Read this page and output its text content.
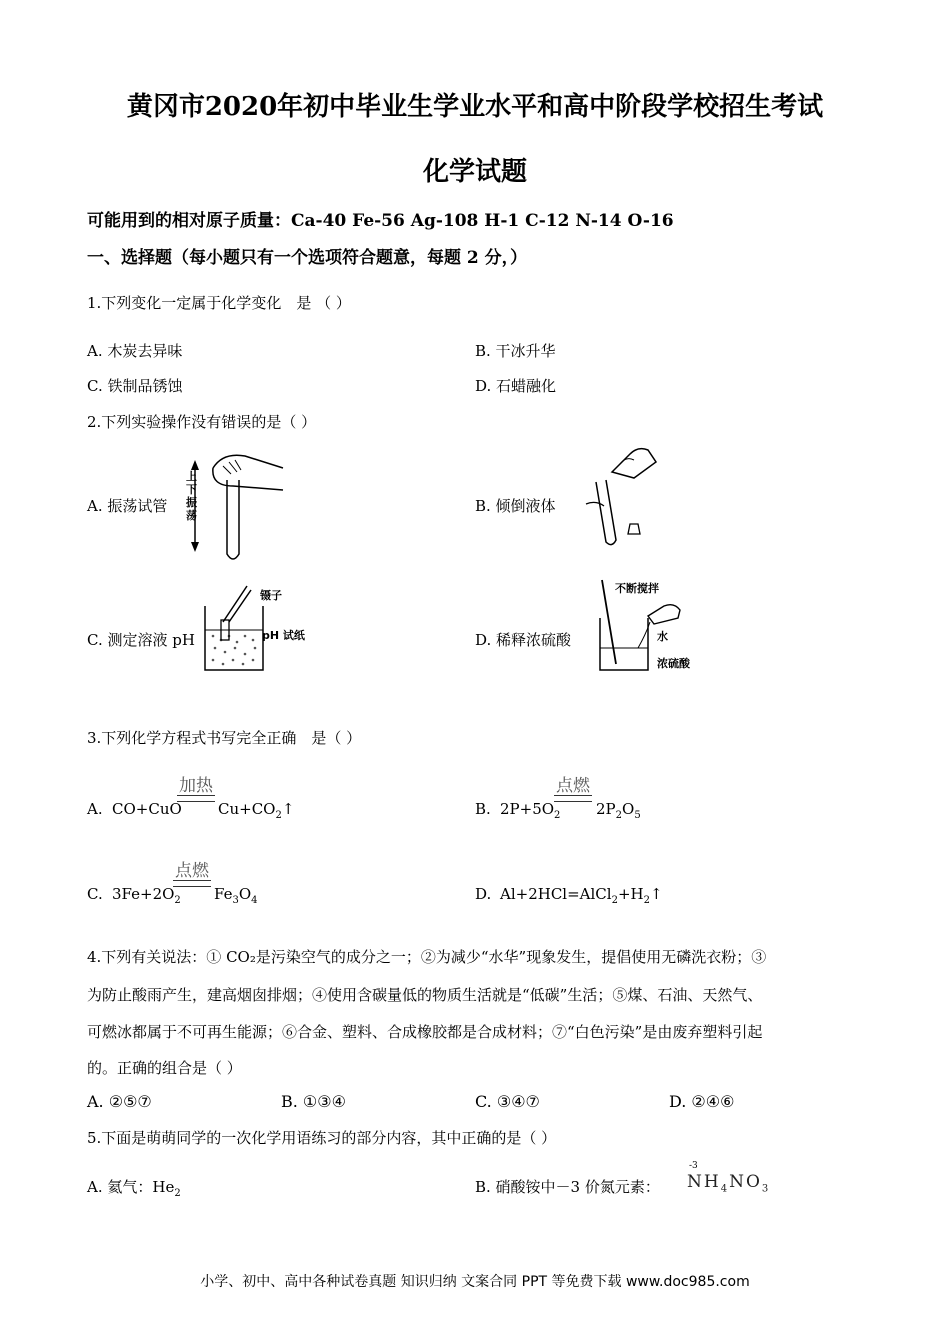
黄冈市2020年初中毕业生学业水平和高中阶段学校招生考试
化学试题
可能用到的相对原子质量：Ca-40 Fe-56 Ag-108 H-1 C-12 N-14 O-16
一、选择题（每小题只有一个选项符合题意，每题 2 分，）
1.下列变化一定属于化学变化　是 （ ）
A. 木炭去异味	B. 干冰升华
C. 铁制品锈蚀	D. 石蜡融化
2.下列实验操作没有错误的是（ ）
A. 振荡试管
上下振荡
B. 倾倒液体
C. 测定溶液 pH
镊子
pH 试纸	D. 稀释浓硫酸
不断搅拌
水
浓硫酸
3.下列化学方程式书写完全正确　是（ ）
A. CO+CuO
加热
$Cu+CO_2↑$	B. $2P+5O_2$
点燃
$2P_2O_5$
C. $3Fe+2O_2$
点燃
$Fe_3O_4$	D. $Al+2HCl=AlCl_2+H_2↑$
4.下列有关说法：① CO₂是污染空气的成分之一；②为减少“水华”现象发生，提倡使用无磷洗衣粉；③
为防止酸雨产生，建高烟囱排烟；④使用含碳量低的物质生活就是“低碳”生活；⑤煤、石油、天然气、
可燃冰都属于不可再生能源；⑥合金、塑料、合成橡胶都是合成材料；⑦“白色污染”是由废弃塑料引起
的。正确的组合是（ ）
A. ②⑤⑦	B. ①③④	C. ③④⑦	D. ②④⑥
5.下面是萌萌同学的一次化学用语练习的部分内容，其中正确的是（ ）
A. 氦气：$He_2$	B. 硝酸铵中－3 价氮元素：
-3
$NH_4NO_3$
小学、初中、高中各种试卷真题 知识归纳 文案合同 PPT 等免费下载 www.doc985.com
